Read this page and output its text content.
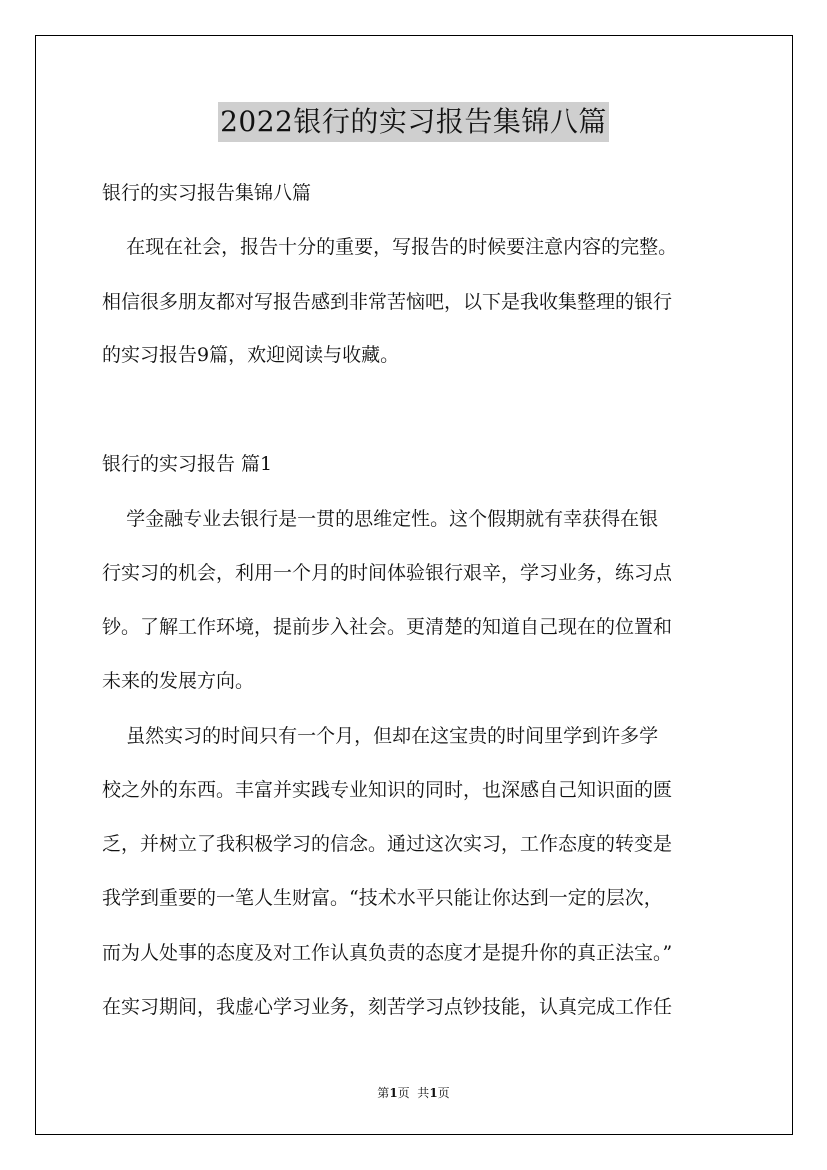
2022银行的实习报告集锦八篇
银行的实习报告集锦八篇
在现在社会，报告十分的重要，写报告的时候要注意内容的完整。
相信很多朋友都对写报告感到非常苦恼吧，以下是我收集整理的银行
的实习报告9篇，欢迎阅读与收藏。
银行的实习报告 篇1
学金融专业去银行是一贯的思维定性。这个假期就有幸获得在银
行实习的机会，利用一个月的时间体验银行艰辛，学习业务，练习点
钞。了解工作环境，提前步入社会。更清楚的知道自己现在的位置和
未来的发展方向。
虽然实习的时间只有一个月，但却在这宝贵的时间里学到许多学
校之外的东西。丰富并实践专业知识的同时，也深感自己知识面的匮
乏，并树立了我积极学习的信念。通过这次实习，工作态度的转变是
我学到重要的一笔人生财富。“技术水平只能让你达到一定的层次，
而为人处事的态度及对工作认真负责的态度才是提升你的真正法宝。”
在实习期间，我虚心学习业务，刻苦学习点钞技能，认真完成工作任
第1页  共1页
